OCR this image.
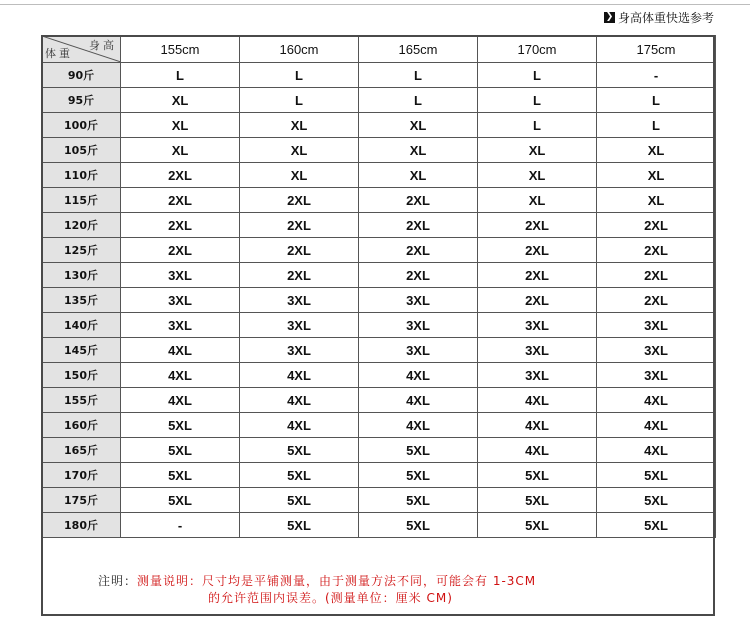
❯ 身高体重快选参考
身高
体重	155cm	160cm	165cm	170cm	175cm
90斤	L	L	L	L	-
95斤	XL	L	L	L	L
100斤	XL	XL	XL	L	L
105斤	XL	XL	XL	XL	XL
110斤	2XL	XL	XL	XL	XL
115斤	2XL	2XL	2XL	XL	XL
120斤	2XL	2XL	2XL	2XL	2XL
125斤	2XL	2XL	2XL	2XL	2XL
130斤	3XL	2XL	2XL	2XL	2XL
135斤	3XL	3XL	3XL	2XL	2XL
140斤	3XL	3XL	3XL	3XL	3XL
145斤	4XL	3XL	3XL	3XL	3XL
150斤	4XL	4XL	4XL	3XL	3XL
155斤	4XL	4XL	4XL	4XL	4XL
160斤	5XL	4XL	4XL	4XL	4XL
165斤	5XL	5XL	5XL	4XL	4XL
170斤	5XL	5XL	5XL	5XL	5XL
175斤	5XL	5XL	5XL	5XL	5XL
180斤	-	5XL	5XL	5XL	5XL
注明：测量说明：尺寸均是平铺测量，由于测量方法不同，可能会有 1-3CM
的允许范围内误差。(测量单位：厘米 CM)
